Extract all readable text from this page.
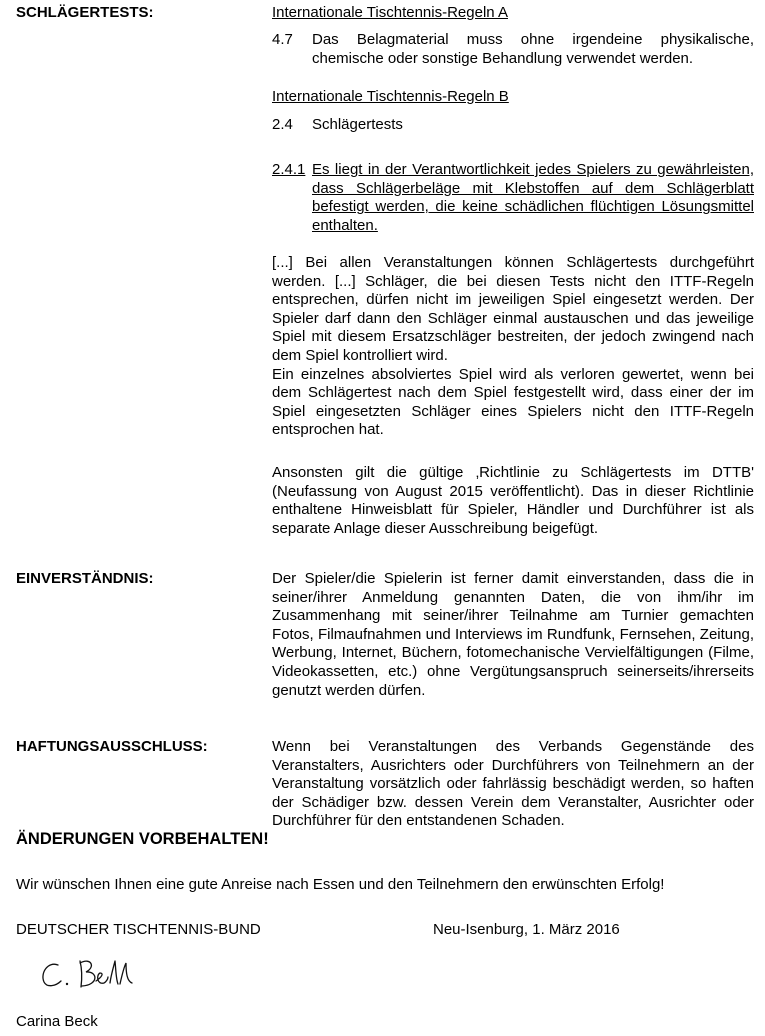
SCHLÄGERTESTS:	Internationale Tischtennis-Regeln A
4.7 Das Belagmaterial muss ohne irgendeine physikalische, chemische oder sonstige Behandlung verwendet werden.
Internationale Tischtennis-Regeln B
2.4 Schlägertests
2.4.1 Es liegt in der Verantwortlichkeit jedes Spielers zu gewährleisten, dass Schlägerbeläge mit Klebstoffen auf dem Schlägerblatt befestigt werden, die keine schädlichen flüchtigen Lösungsmittel enthalten.

[...] Bei allen Veranstaltungen können Schlägertests durchgeführt werden. [...] Schläger, die bei diesen Tests nicht den ITTF-Regeln entsprechen, dürfen nicht im jeweiligen Spiel eingesetzt werden. Der Spieler darf dann den Schläger einmal austauschen und das jeweilige Spiel mit diesem Ersatzschläger bestreiten, der jedoch zwingend nach dem Spiel kontrolliert wird.

Ein einzelnes absolviertes Spiel wird als verloren gewertet, wenn bei dem Schlägertest nach dem Spiel festgestellt wird, dass einer der im Spiel eingesetzten Schläger eines Spielers nicht den ITTF-Regeln entsprochen hat.

Ansonsten gilt die gültige ‚Richtlinie zu Schlägertests im DTTB' (Neufassung von August 2015 veröffentlicht). Das in dieser Richtlinie enthaltene Hinweisblatt für Spieler, Händler und Durchführer ist als separate Anlage dieser Ausschreibung beigefügt.
EINVERSTÄNDNIS:	Der Spieler/die Spielerin ist ferner damit einverstanden, dass die in seiner/ihrer Anmeldung genannten Daten, die von ihm/ihr im Zusammenhang mit seiner/ihrer Teilnahme am Turnier gemachten Fotos, Filmaufnahmen und Interviews im Rundfunk, Fernsehen, Zeitung, Werbung, Internet, Büchern, fotomechanische Vervielfältigungen (Filme, Videokassetten, etc.) ohne Vergütungsanspruch seinerseits/ihrerseits genutzt werden dürfen.
HAFTUNGSAUSSCHLUSS:	Wenn bei Veranstaltungen des Verbands Gegenstände des Veranstalters, Ausrichters oder Durchführers von Teilnehmern an der Veranstaltung vorsätzlich oder fahrlässig beschädigt werden, so haften der Schädiger bzw. dessen Verein dem Veranstalter, Ausrichter oder Durchführer für den entstandenen Schaden.
ÄNDERUNGEN VORBEHALTEN!
Wir wünschen Ihnen eine gute Anreise nach Essen und den Teilnehmern den erwünschten Erfolg!
DEUTSCHER TISCHTENNIS-BUND	Neu-Isenburg, 1. März 2016
Carina Beck
